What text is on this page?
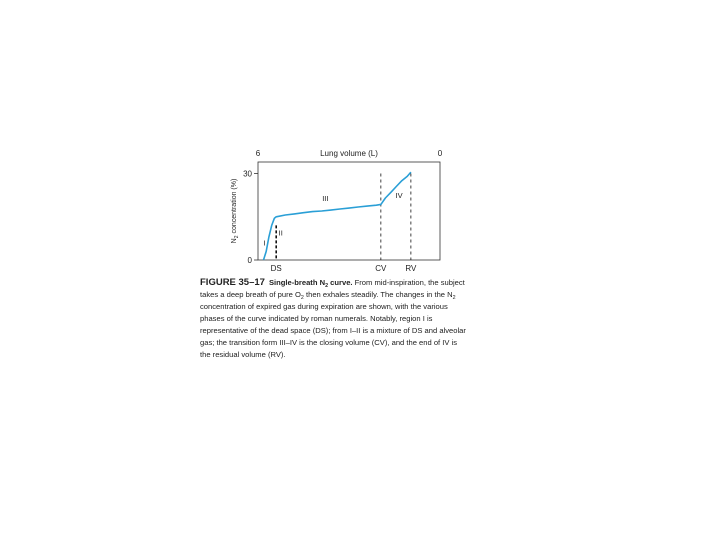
6	0
Lung volume (L)
0
30
$N_2$ concentration (%)
DS	CV RV
I
II
III	IV
FIGURE 35–17 Single-breath $N_2$ curve. From mid-inspiration, the subject takes a deep breath of pure $O_2$ then exhales steadily. The changes in the $N_2$ concentration of expired gas during expiration are shown, with the various phases of the curve indicated by roman numerals. Notably, region I is representative of the dead space (DS); from I–II is a mixture of DS and alveolar gas; the transition form III–IV is the closing volume (CV), and the end of IV is the residual volume (RV).
